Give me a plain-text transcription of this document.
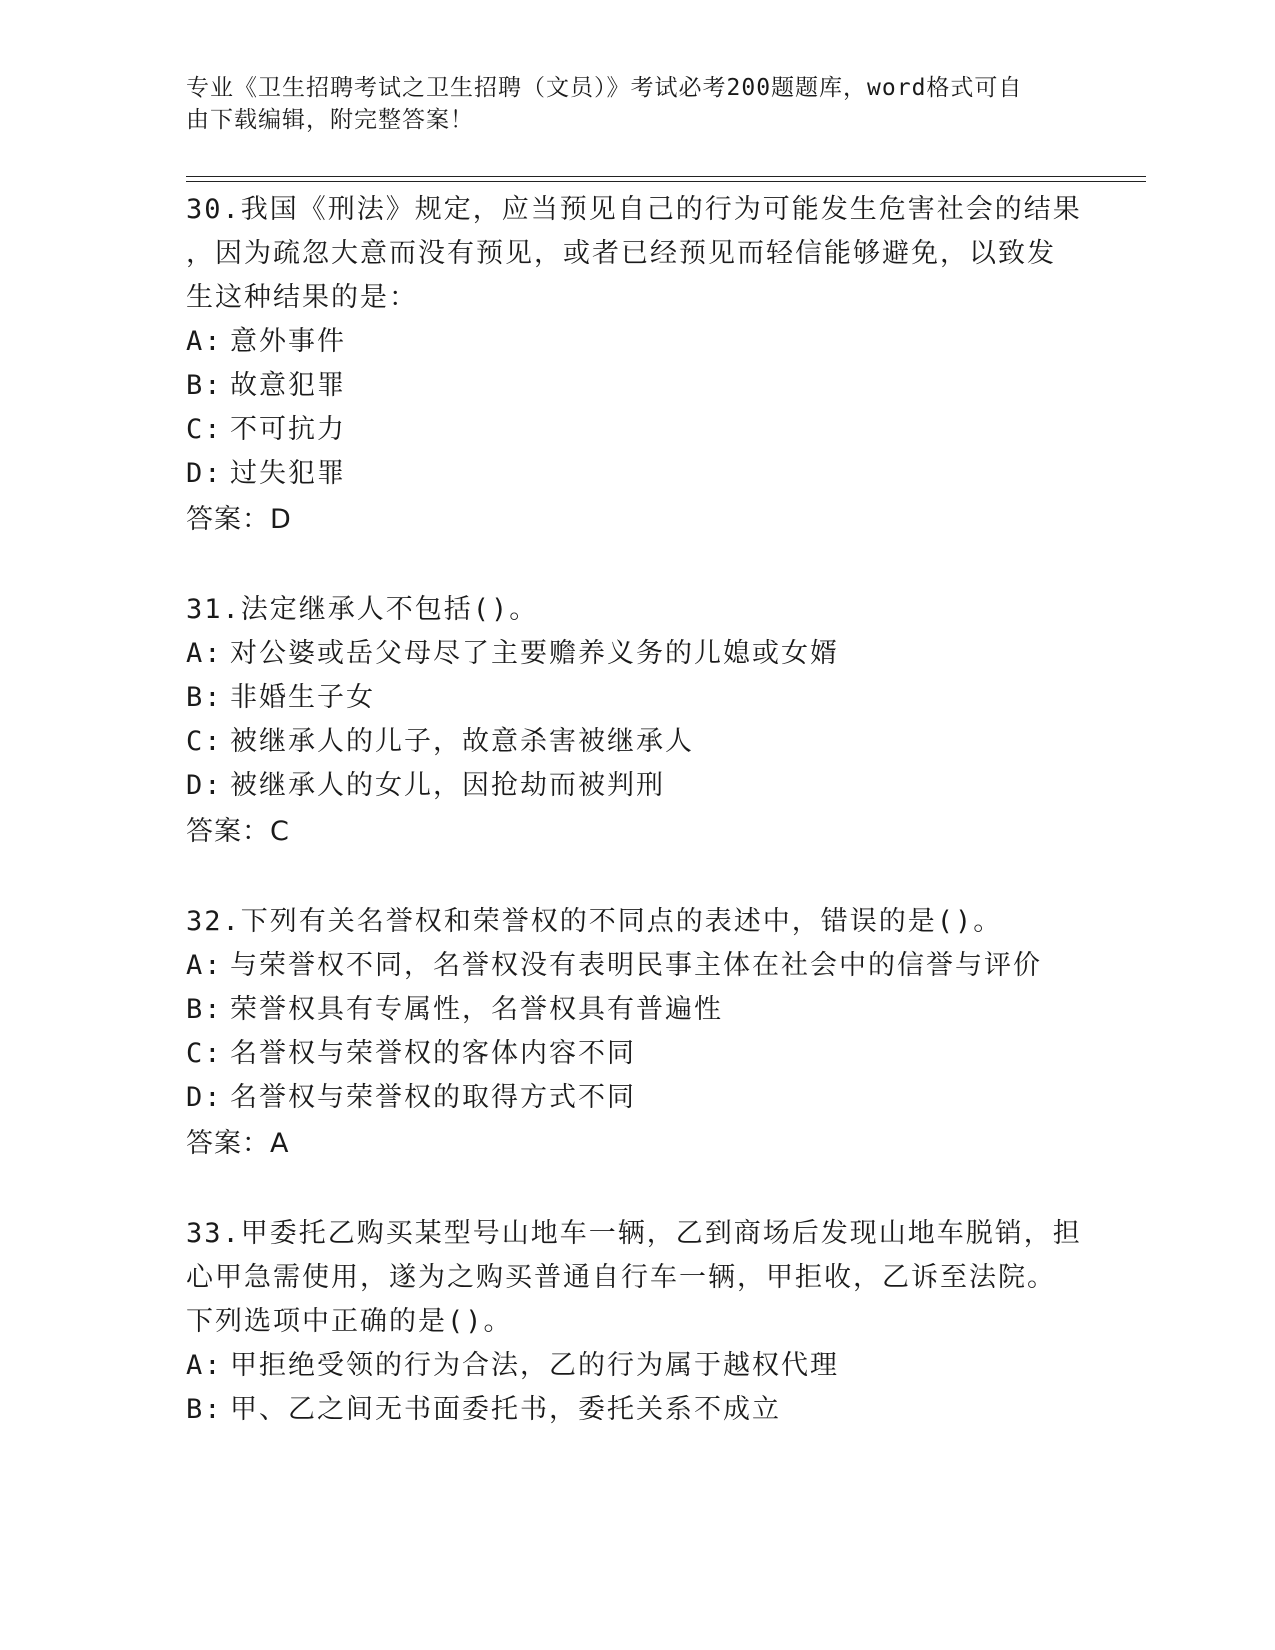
专业《卫生招聘考试之卫生招聘（文员）》考试必考200题题库，word格式可自
由下载编辑，附完整答案！

30.我国《刑法》规定，应当预见自己的行为可能发生危害社会的结果

，因为疏忽大意而没有预见，或者已经预见而轻信能够避免，以致发

生这种结果的是：

A: 意外事件

B: 故意犯罪

C: 不可抗力

D: 过失犯罪

答案：D

31.法定继承人不包括()。

A: 对公婆或岳父母尽了主要赡养义务的儿媳或女婿

B: 非婚生子女

C: 被继承人的儿子，故意杀害被继承人

D: 被继承人的女儿，因抢劫而被判刑

答案：C

32.下列有关名誉权和荣誉权的不同点的表述中，错误的是()。

A: 与荣誉权不同，名誉权没有表明民事主体在社会中的信誉与评价

B: 荣誉权具有专属性，名誉权具有普遍性

C: 名誉权与荣誉权的客体内容不同

D: 名誉权与荣誉权的取得方式不同

答案：A

33.甲委托乙购买某型号山地车一辆，乙到商场后发现山地车脱销，担

心甲急需使用，遂为之购买普通自行车一辆，甲拒收，乙诉至法院。

下列选项中正确的是()。

A: 甲拒绝受领的行为合法，乙的行为属于越权代理

B: 甲、乙之间无书面委托书，委托关系不成立
